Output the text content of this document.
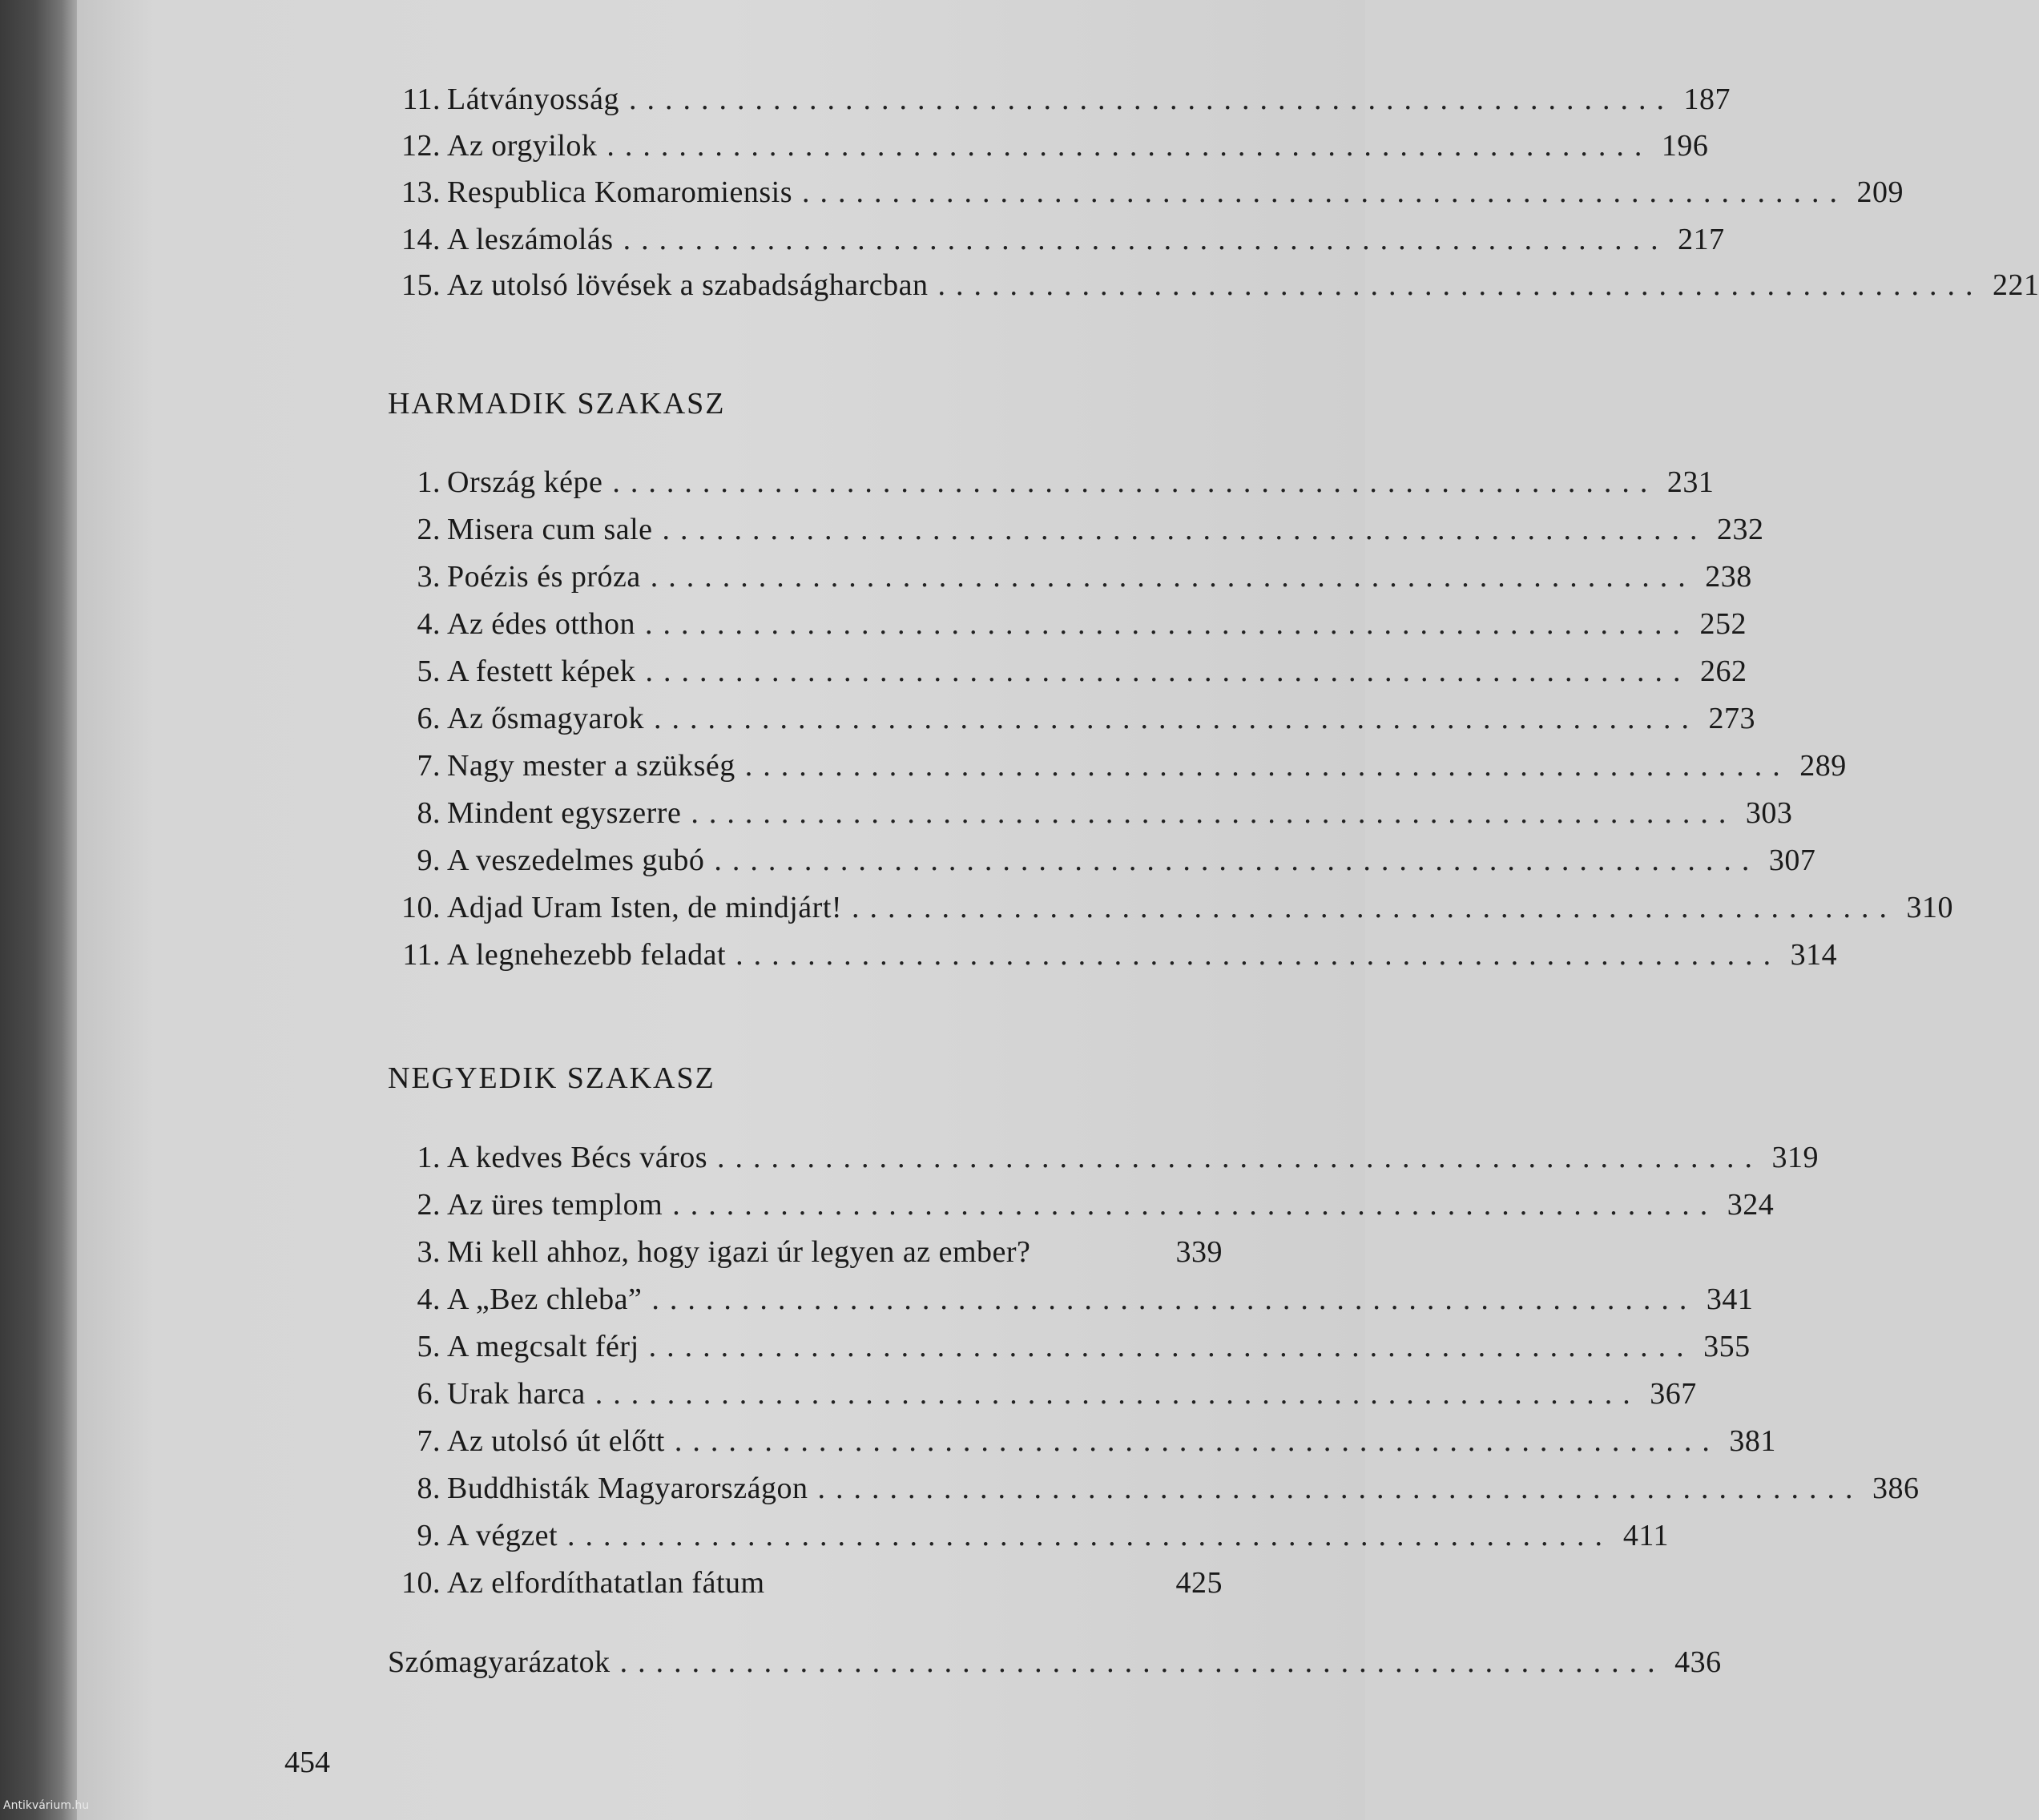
11. Látványosság .......................................................... 187
12. Az orgyilok .......................................................... 196
13. Respublica Komaromiensis .......................................................... 209
14. A leszámolás .......................................................... 217
15. Az utolsó lövések a szabadságharcban .......................................................... 221
HARMADIK SZAKASZ
1. Ország képe .......................................................... 231
2. Misera cum sale .......................................................... 232
3. Poézis és próza .......................................................... 238
4. Az édes otthon .......................................................... 252
5. A festett képek .......................................................... 262
6. Az ősmagyarok .......................................................... 273
7. Nagy mester a szükség .......................................................... 289
8. Mindent egyszerre .......................................................... 303
9. A veszedelmes gubó .......................................................... 307
10. Adjad Uram Isten, de mindjárt! .......................................................... 310
11. A legnehezebb feladat .......................................................... 314
NEGYEDIK SZAKASZ
1. A kedves Bécs város .......................................................... 319
2. Az üres templom .......................................................... 324
3. Mi kell ahhoz, hogy igazi úr legyen az ember?	339
4. A „Bez chleba” .......................................................... 341
5. A megcsalt férj .......................................................... 355
6. Urak harca .......................................................... 367
7. Az utolsó út előtt .......................................................... 381
8. Buddhisták Magyarországon .......................................................... 386
9. A végzet .......................................................... 411
10. Az elfordíthatatlan fátum	425
Szómagyarázatok .......................................................... 436
454
Antikvárium.hu
